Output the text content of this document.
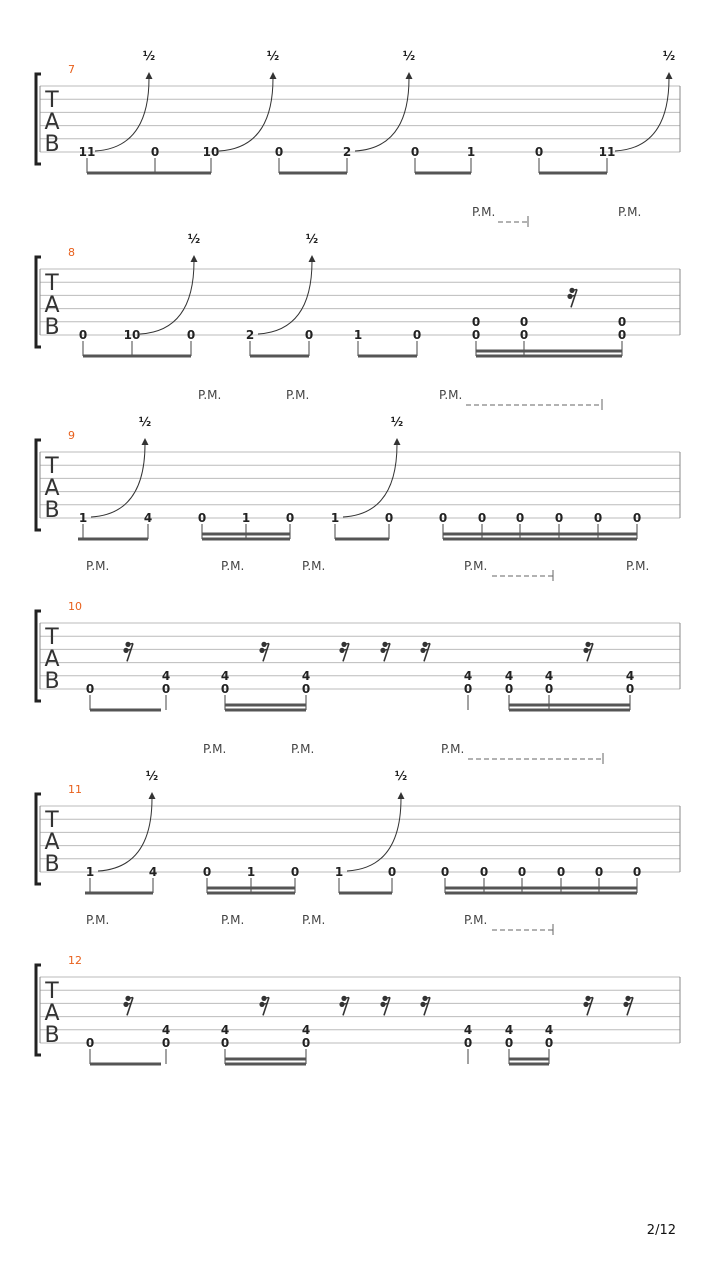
T
A
B
7
11
½
0	10
½
0	2
½
0	1	0	11
½
T
A
B
8
0	10
½
0	2
½
0	1	0	0
0
0
0
0
0
P.M.	P.M.
T
A
B
9
1
½
4	0	1	0	1
½
0	0	0 0	0	0	0
P.M.	P.M.	P.M.
T
A
B
10
0	0
4
0
4
0
4
0
4
0
4
0
4
0
4
P.M.	P.M.	P.M.	P.M.	P.M.
T
A
B
11
1
½
4	0	1	0	1
½
0	0	0 0	0 0 0
P.M.	P.M.	P.M.
T
A
B
12
0	0
4
0
4
0
4
0
4
0
4
0
4
P.M.	P.M.	P.M.	P.M.
2/12
